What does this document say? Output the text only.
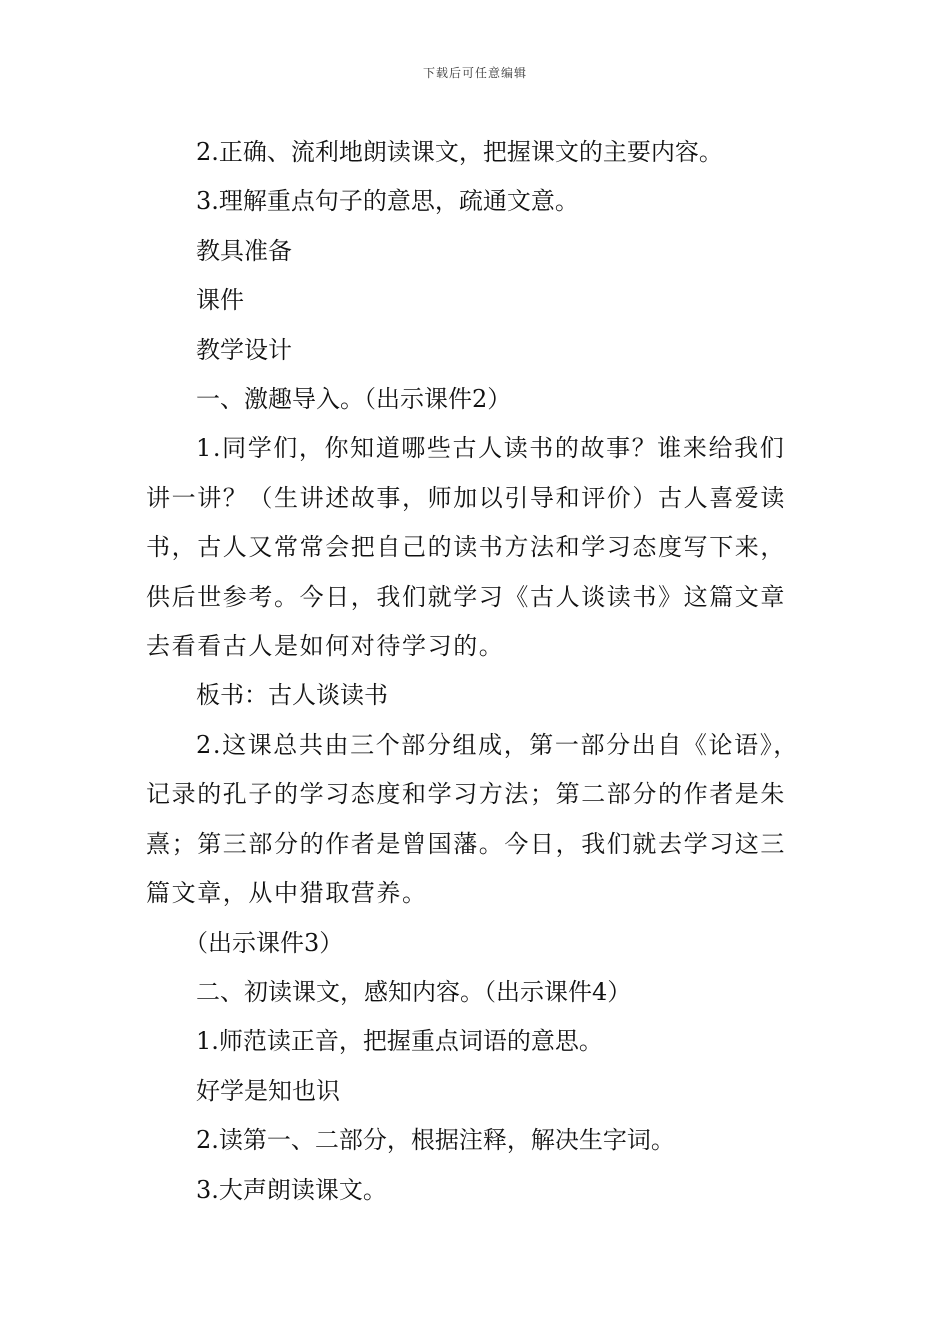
下载后可任意编辑

2.正确、流利地朗读课文，把握课文的主要内容。

3.理解重点句子的意思，疏通文意。

教具准备

课件

教学设计

一、激趣导入。（出示课件2）

1.同学们，你知道哪些古人读书的故事？谁来给我们讲一讲？（生讲述故事，师加以引导和评价）古人喜爱读书，古人又常常会把自己的读书方法和学习态度写下来，供后世参考。今日，我们就学习《古人谈读书》这篇文章去看看古人是如何对待学习的。

板书：古人谈读书

2.这课总共由三个部分组成，第一部分出自《论语》，记录的孔子的学习态度和学习方法；第二部分的作者是朱熹；第三部分的作者是曾国藩。今日，我们就去学习这三篇文章，从中猎取营养。

（出示课件3）

二、初读课文，感知内容。（出示课件4）

1.师范读正音，把握重点词语的意思。

好学是知也识

2.读第一、二部分，根据注释，解决生字词。

3.大声朗读课文。
